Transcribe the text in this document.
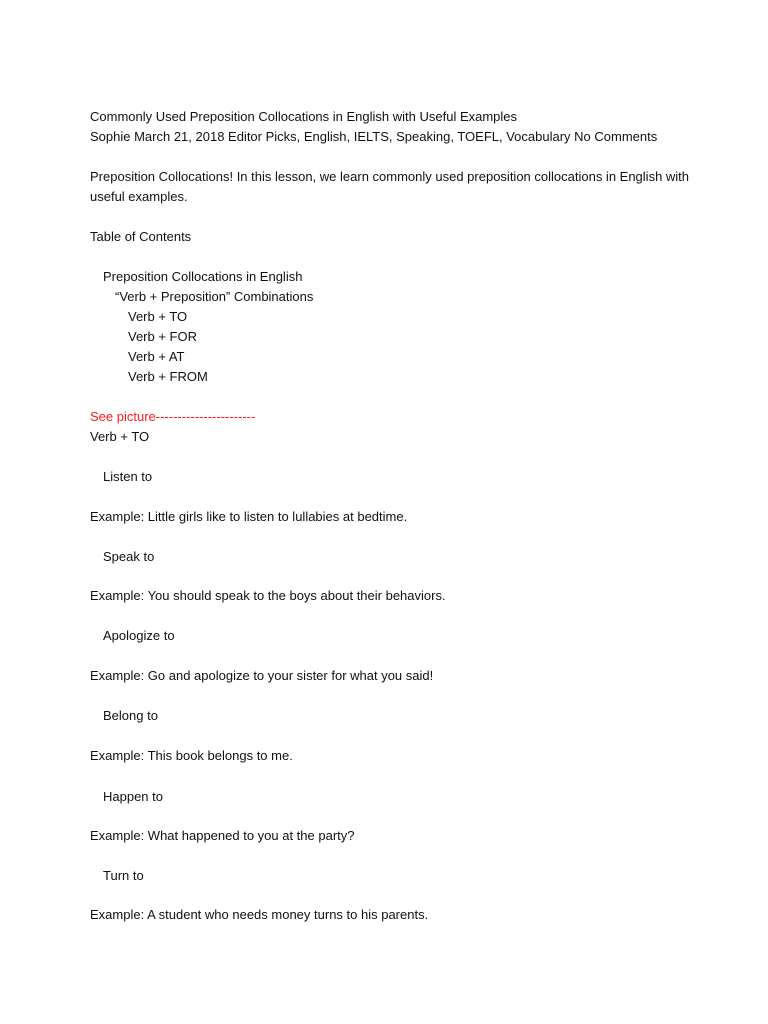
Commonly Used Preposition Collocations in English with Useful Examples
Sophie March 21, 2018 Editor Picks, English, IELTS, Speaking, TOEFL, Vocabulary No Comments
Preposition Collocations! In this lesson, we learn commonly used preposition collocations in English with
useful examples.
Table of Contents
Preposition Collocations in English
“Verb + Preposition” Combinations
Verb + TO
Verb + FOR
Verb + AT
Verb + FROM
See picture-----------------------
Verb + TO
Listen to
Example: Little girls like to listen to lullabies at bedtime.
Speak to
Example: You should speak to the boys about their behaviors.
Apologize to
Example: Go and apologize to your sister for what you said!
Belong to
Example: This book belongs to me.
Happen to
Example: What happened to you at the party?
Turn to
Example: A student who needs money turns to his parents.
